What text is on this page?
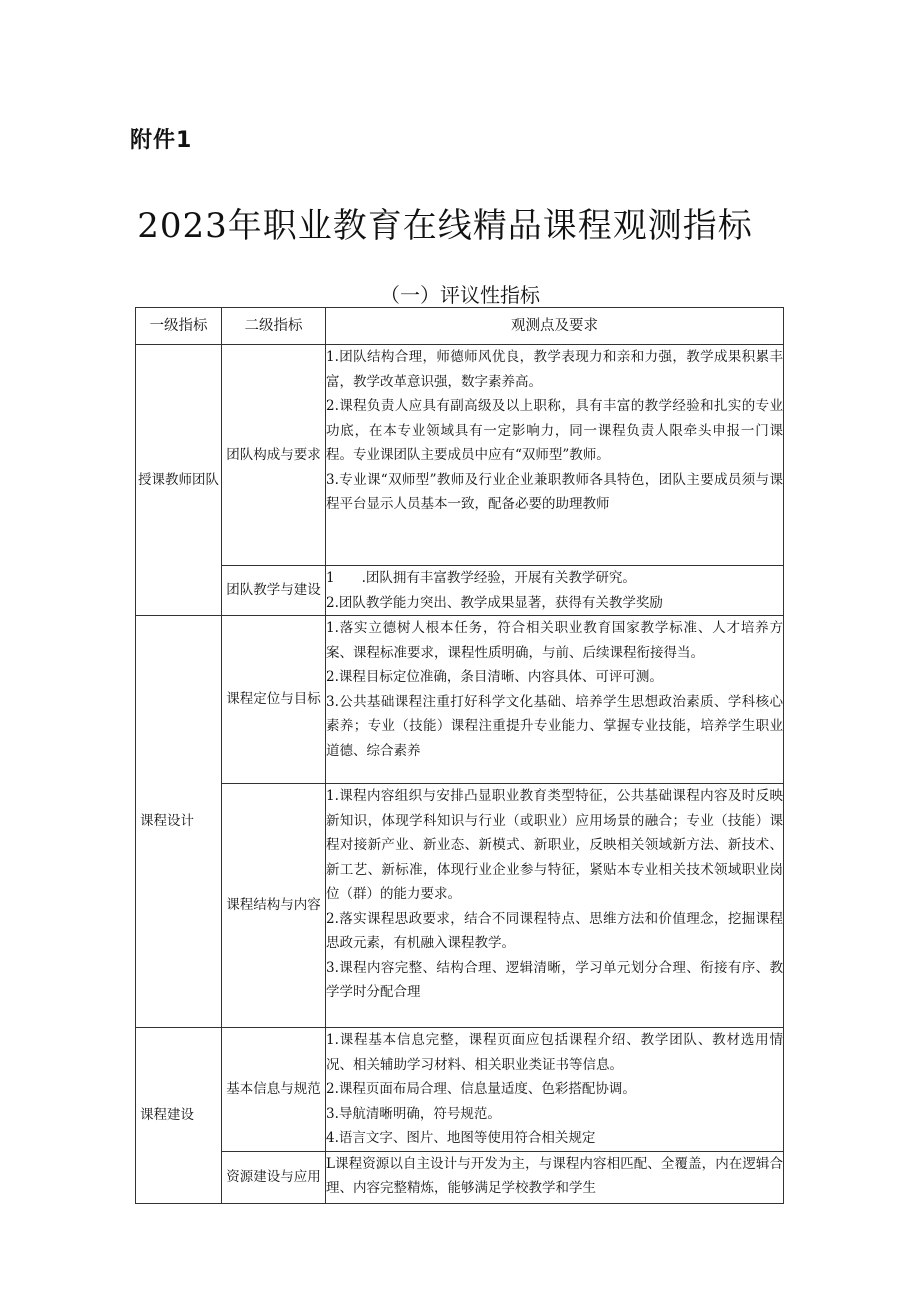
附件1
2023年职业教育在线精品课程观测指标
（一）评议性指标
一级指标	二级指标	观测点及要求
授课教师团队	团队构成与要求	1.团队结构合理，师德师风优良，教学表现力和亲和力强，教学成果积累丰富，教学改革意识强，数字素养高。

2.课程负责人应具有副高级及以上职称，具有丰富的教学经验和扎实的专业功底，在本专业领域具有一定影响力，同一课程负责人限牵头申报一门课程。专业课团队主要成员中应有“双师型”教师。

3.专业课“双师型”教师及行业企业兼职教师各具特色，团队主要成员须与课程平台显示人员基本一致，配备必要的助理教师

	团队教学与建设	1　　.团队拥有丰富教学经验，开展有关教学研究。

2.团队教学能力突出、教学成果显著，获得有关教学奖励

课程设计	课程定位与目标	1.落实立德树人根本任务，符合相关职业教育国家教学标准、人才培养方案、课程标准要求，课程性质明确，与前、后续课程衔接得当。

2.课程目标定位准确，条目清晰、内容具体、可评可测。

3.公共基础课程注重打好科学文化基础、培养学生思想政治素质、学科核心素养；专业（技能）课程注重提升专业能力、掌握专业技能，培养学生职业道德、综合素养

	课程结构与内容	1.课程内容组织与安排凸显职业教育类型特征，公共基础课程内容及时反映新知识，体现学科知识与行业（或职业）应用场景的融合；专业（技能）课程对接新产业、新业态、新模式、新职业，反映相关领域新方法、新技术、新工艺、新标准，体现行业企业参与特征，紧贴本专业相关技术领域职业岗位（群）的能力要求。

2.落实课程思政要求，结合不同课程特点、思维方法和价值理念，挖掘课程思政元素，有机融入课程教学。

3.课程内容完整、结构合理、逻辑清晰，学习单元划分合理、衔接有序、教学学时分配合理

课程建设	基本信息与规范	1.课程基本信息完整，课程页面应包括课程介绍、教学团队、教材选用情况、相关辅助学习材料、相关职业类证书等信息。

2.课程页面布局合理、信息量适度、色彩搭配协调。

3.导航清晰明确，符号规范。

4.语言文字、图片、地图等使用符合相关规定

	资源建设与应用	L课程资源以自主设计与开发为主，与课程内容相匹配、全覆盖，内在逻辑合理、内容完整精炼，能够满足学校教学和学生
